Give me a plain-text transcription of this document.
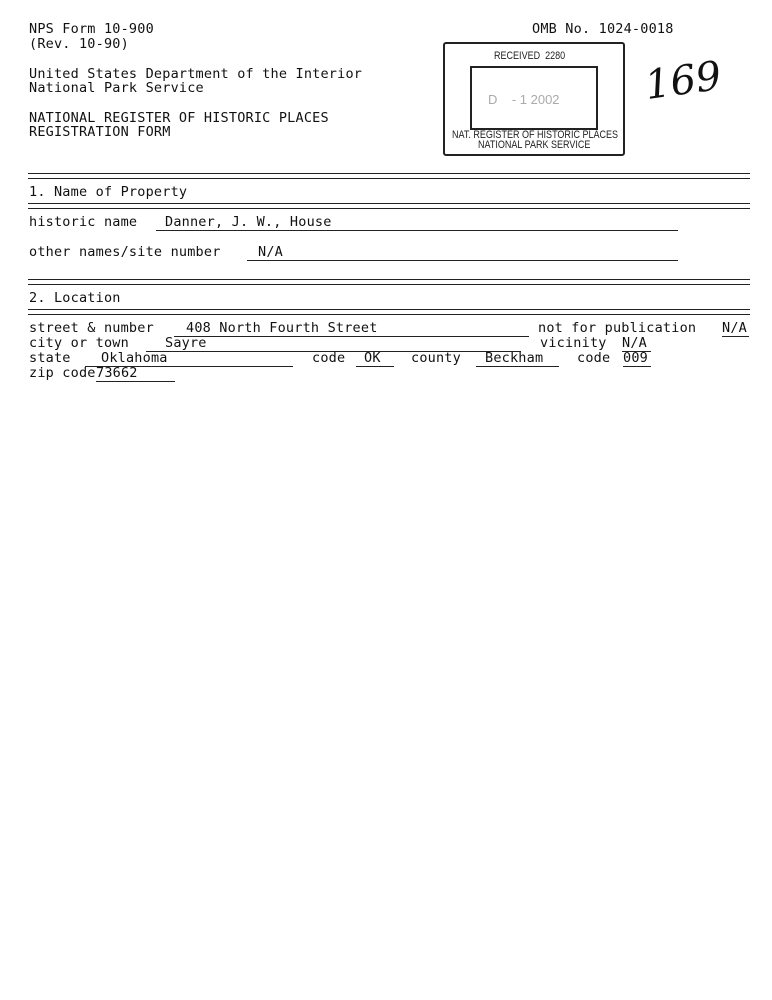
NPS Form 10-900
(Rev. 10-90)
OMB No. 1024-0018
United States Department of the Interior
National Park Service
NATIONAL REGISTER OF HISTORIC PLACES
REGISTRATION FORM
RECEIVED  2280
D    - 1 2002
NAT. REGISTER OF HISTORIC PLACES
NATIONAL PARK SERVICE
169
1. Name of Property
historic name Danner, J. W., House
other names/site number	N/A
2. Location
street & number 408 North Fourth Street	not for publication N/A
city or town	Sayre	vicinity N/A
state Oklahoma	code OK county Beckham code 009
zip code 73662
